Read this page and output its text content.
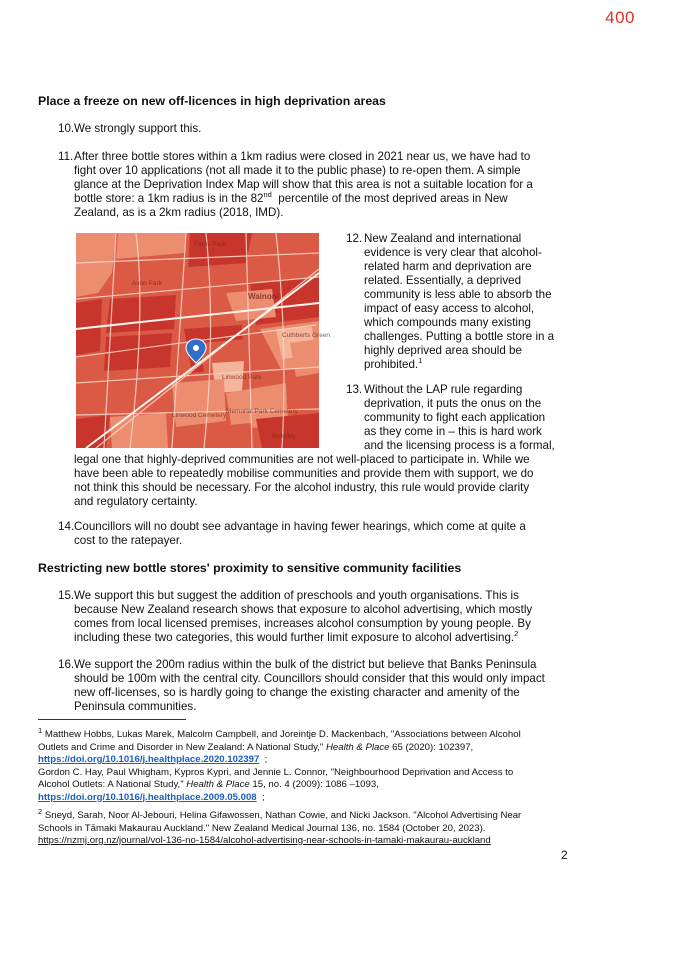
400
Place a freeze on new off-licences in high deprivation areas
10. We strongly support this.
11. After three bottle stores within a 1km radius were closed in 2021 near us, we have had to
fight over 10 applications (not all made it to the public phase) to re-open them. A simple
glance at the Deprivation Index Map will show that this area is not a suitable location for a
bottle store: a 1km radius is in the 82nd  percentile of the most deprived areas in New
Zealand, as is a 2km radius (2018, IMD).
Ferris Park
Avon Park
Wainoni
Cuthberts Green
Linwood Park
Linwood Cemetery
Memorial Park Cemetery
Bromley
12. New Zealand and international
evidence is very clear that alcohol-
related harm and deprivation are
related. Essentially, a deprived
community is less able to absorb the
impact of easy access to alcohol,
which compounds many existing
challenges. Putting a bottle store in a
highly deprived area should be
prohibited.$^1$
13. Without the LAP rule regarding
deprivation, it puts the onus on the
community to fight each application
as they come in – this is hard work
and the licensing process is a formal,
legal one that highly-deprived communities are not well-placed to participate in. While we
have been able to repeatedly mobilise communities and provide them with support, we do
not think this should be necessary. For the alcohol industry, this rule would provide clarity
and regulatory certainty.
14. Councillors will no doubt see advantage in having fewer hearings, which come at quite a
cost to the ratepayer.
Restricting new bottle stores' proximity to sensitive community facilities
15. We support this but suggest the addition of preschools and youth organisations. This is
because New Zealand research shows that exposure to alcohol advertising, which mostly
comes from local licensed premises, increases alcohol consumption by young people. By
including these two categories, this would further limit exposure to alcohol advertising.$^2$
16. We support the 200m radius within the bulk of the district but believe that Banks Peninsula
should be 100m with the central city. Councillors should consider that this would only impact
new off-licenses, so is hardly going to change the existing character and amenity of the
Peninsula communities.
$^1$ Matthew Hobbs, Lukas Marek, Malcolm Campbell, and Joreintje D. Mackenbach, "Associations between Alcohol
Outlets and Crime and Disorder in New Zealand: A National Study," Health & Place 65 (2020): 102397,
https://doi.org/10.1016/j.healthplace.2020.102397  ;
Gordon C. Hay, Paul Whigham, Kypros Kypri, and Jennie L. Connor, "Neighbourhood Deprivation and Access to
Alcohol Outlets: A National Study," Health & Place 15, no. 4 (2009): 1086 –1093,
https://doi.org/10.1016/j.healthplace.2009.05.008  ;
$^2$ Sneyd, Sarah, Noor Al-Jebouri, Helina Gifawossen, Nathan Cowie, and Nicki Jackson. "Alcohol Advertising Near
Schools in Tāmaki Makaurau Auckland." New Zealand Medical Journal 136, no. 1584 (October 20, 2023).
https://nzmj.org.nz/journal/vol-136-no-1584/alcohol-advertising-near-schools-in-tamaki-makaurau-auckland
2
